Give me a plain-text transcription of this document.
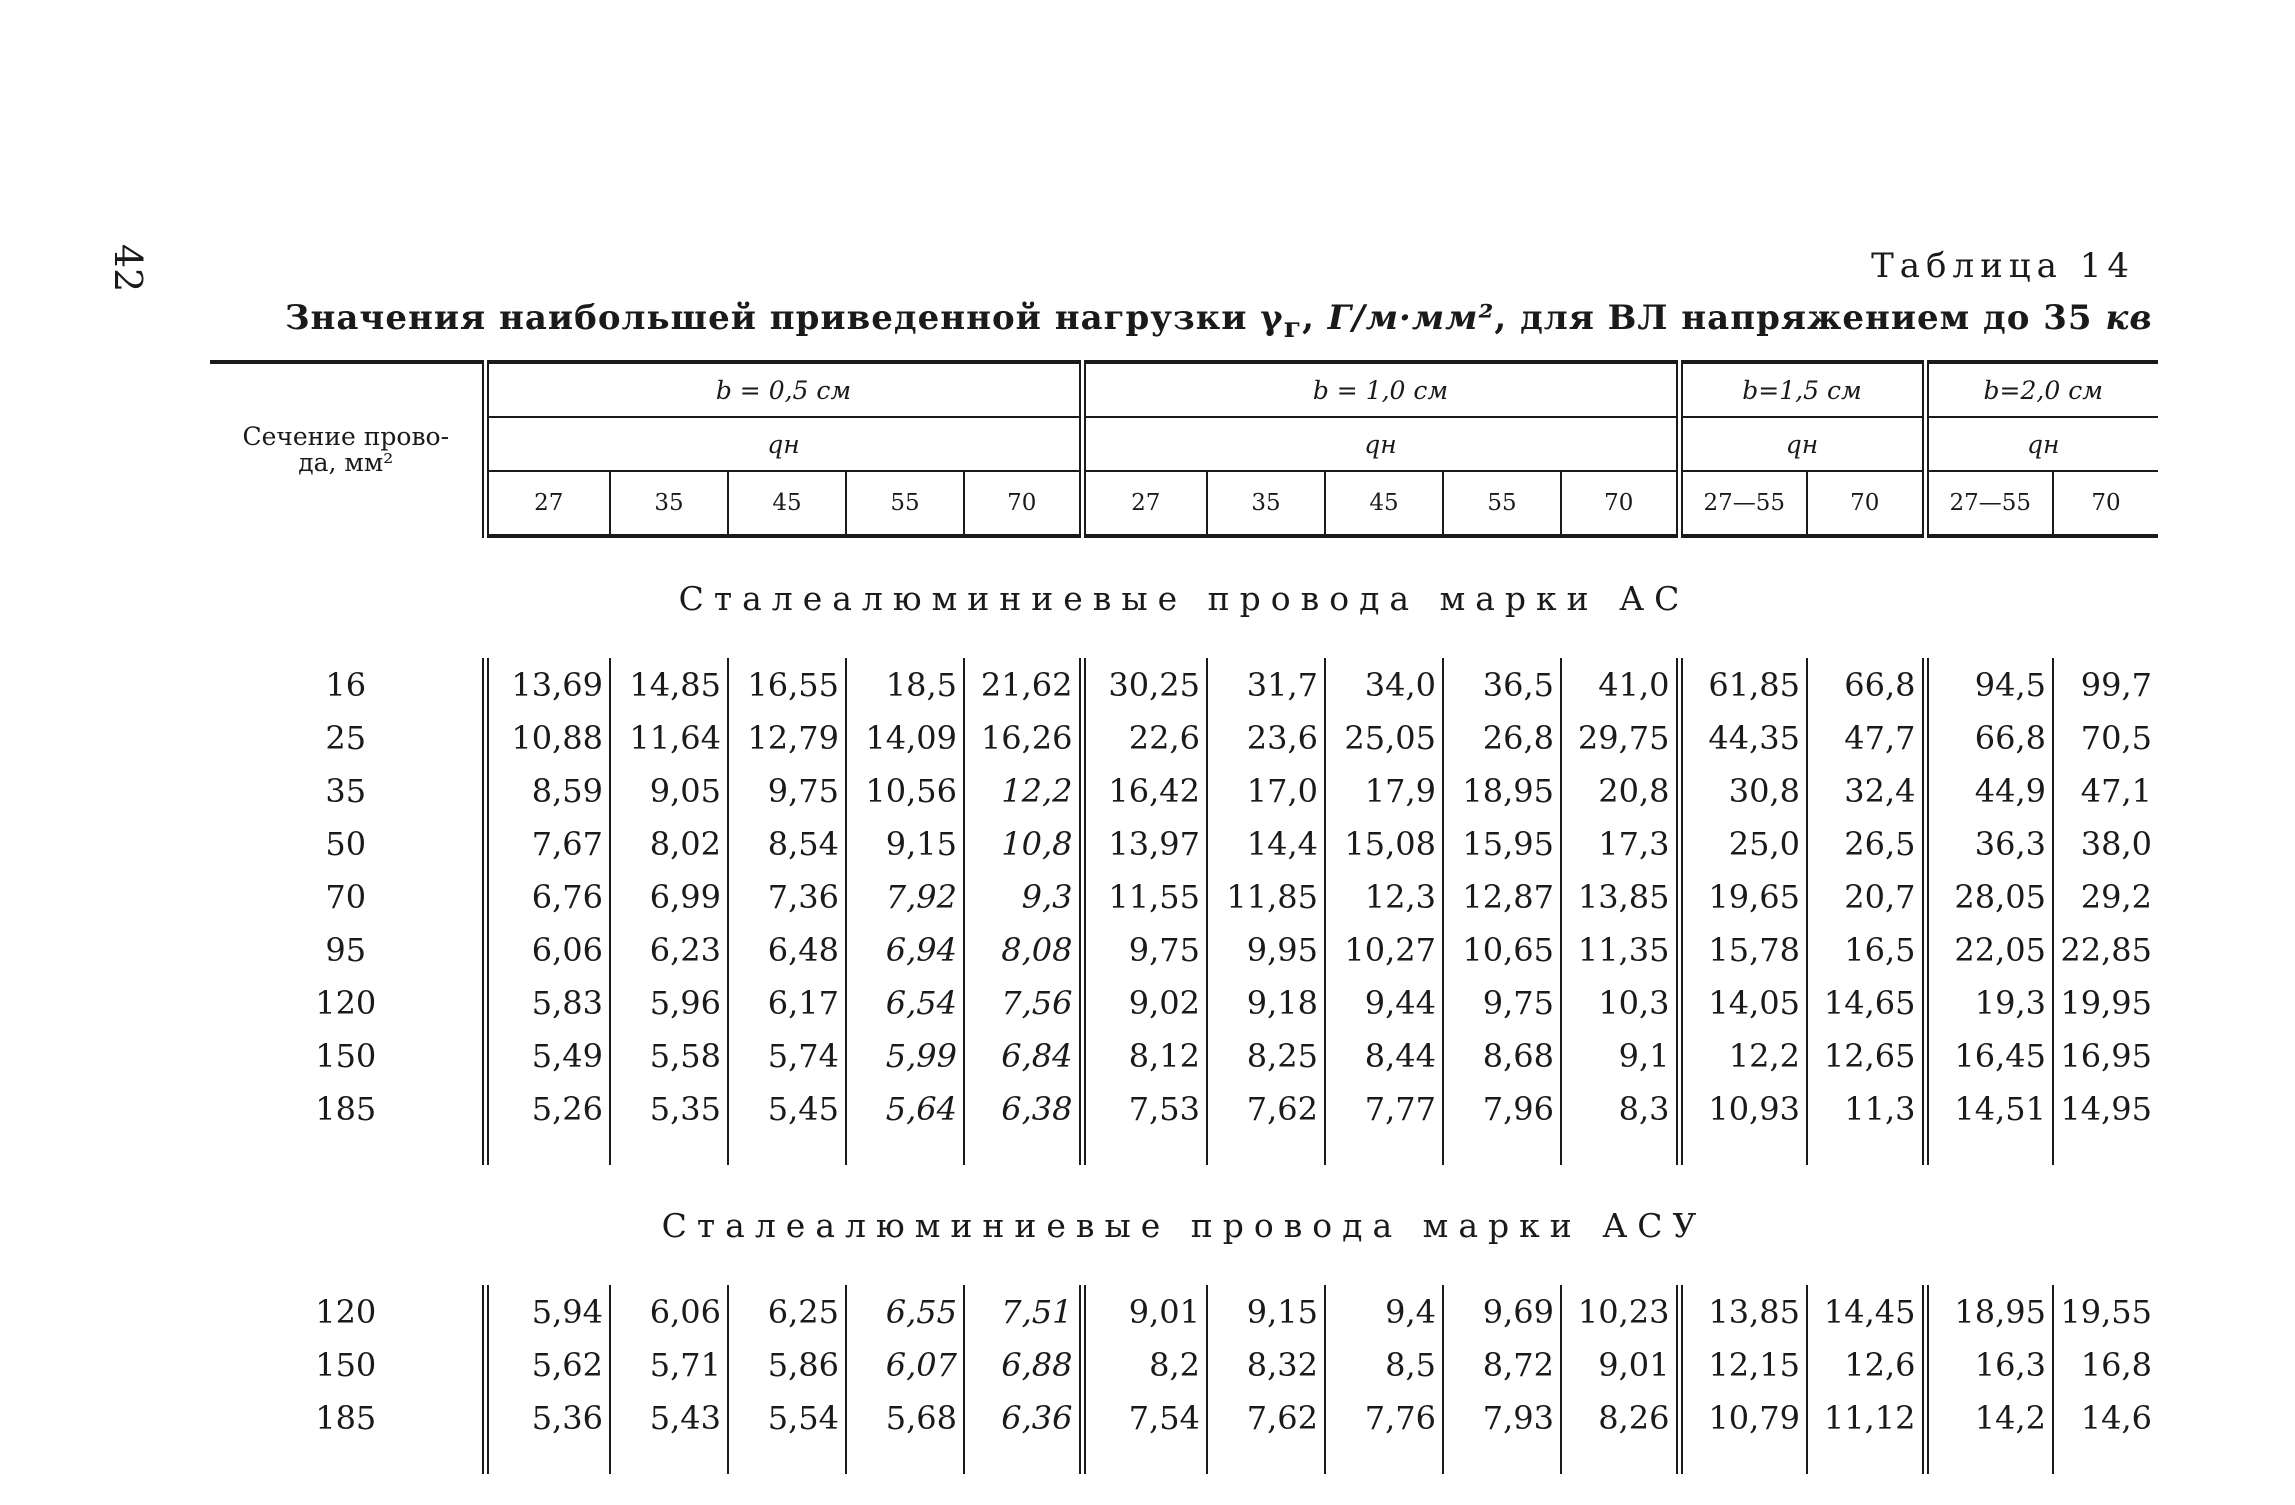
42	Таблица 14
Значения наибольшей приведенной нагрузки $\gamma_г$, Г/м·мм², для ВЛ напряжением до 35 кв
Сечение прово-
да, мм²	b = 0,5 см					b = 1,0 см					b=1,5 см		b=2,0 см	
	qн					qн					qн		qн	
	27	35	45	55	70	27	35	45	55	70	27—55	70	27—55	70
Сталеалюминиевые провода марки АС														
16	13,69	14,85	16,55	18,5	21,62	30,25	31,7	34,0	36,5	41,0	61,85	66,8	94,5	99,7
25	10,88	11,64	12,79	14,09	16,26	22,6	23,6	25,05	26,8	29,75	44,35	47,7	66,8	70,5
35	8,59	9,05	9,75	10,56	12,2	16,42	17,0	17,9	18,95	20,8	30,8	32,4	44,9	47,1
50	7,67	8,02	8,54	9,15	10,8	13,97	14,4	15,08	15,95	17,3	25,0	26,5	36,3	38,0
70	6,76	6,99	7,36	7,92	9,3	11,55	11,85	12,3	12,87	13,85	19,65	20,7	28,05	29,2
95	6,06	6,23	6,48	6,94	8,08	9,75	9,95	10,27	10,65	11,35	15,78	16,5	22,05	22,85
120	5,83	5,96	6,17	6,54	7,56	9,02	9,18	9,44	9,75	10,3	14,05	14,65	19,3	19,95
150	5,49	5,58	5,74	5,99	6,84	8,12	8,25	8,44	8,68	9,1	12,2	12,65	16,45	16,95
185	5,26	5,35	5,45	5,64	6,38	7,53	7,62	7,77	7,96	8,3	10,93	11,3	14,51	14,95

Сталеалюминиевые провода марки АСУ														
120	5,94	6,06	6,25	6,55	7,51	9,01	9,15	9,4	9,69	10,23	13,85	14,45	18,95	19,55
150	5,62	5,71	5,86	6,07	6,88	8,2	8,32	8,5	8,72	9,01	12,15	12,6	16,3	16,8
185	5,36	5,43	5,54	5,68	6,36	7,54	7,62	7,76	7,93	8,26	10,79	11,12	14,2	14,6
